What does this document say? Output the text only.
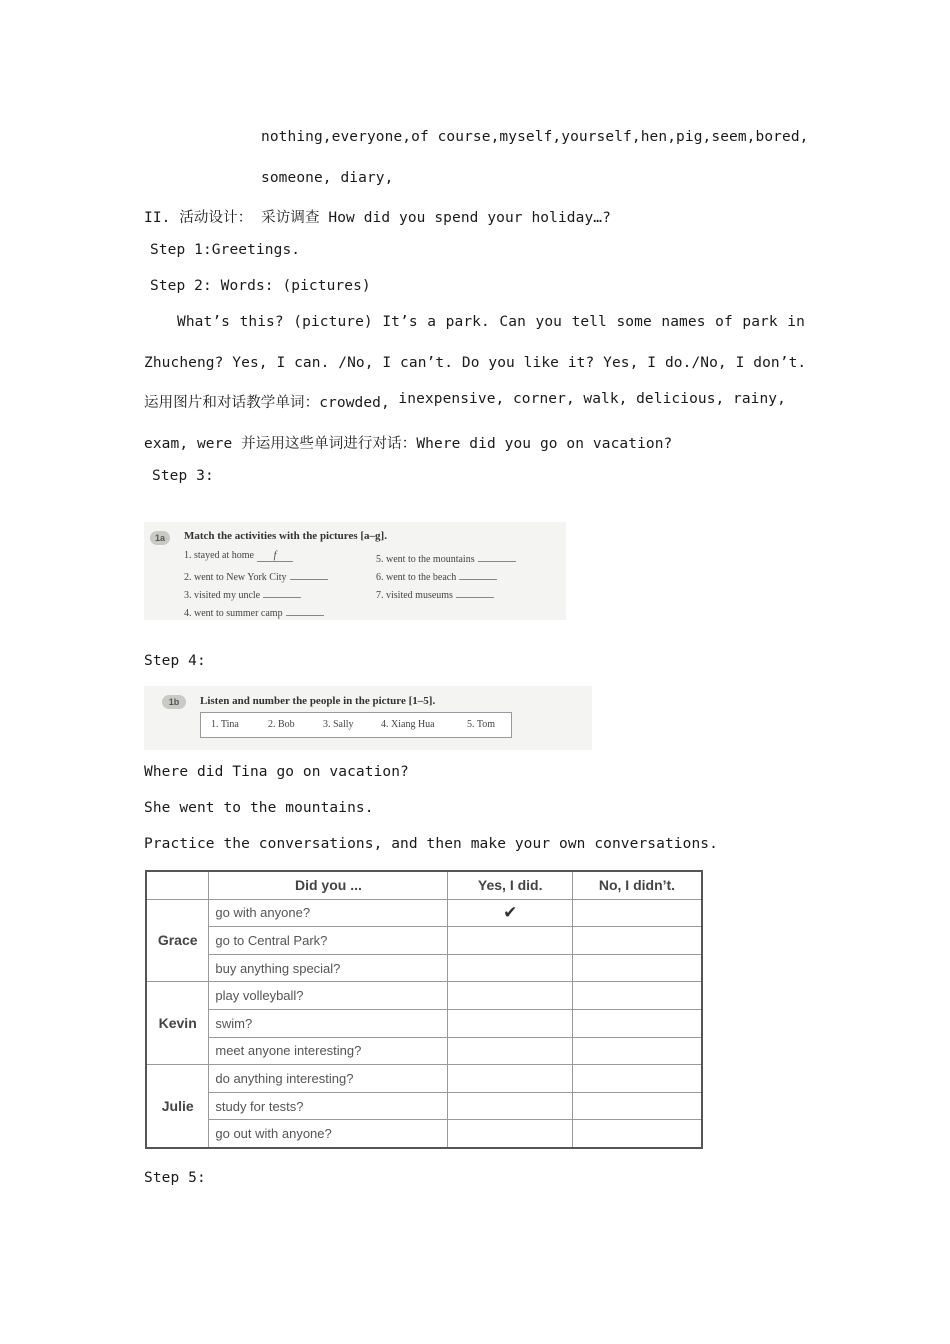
nothing, everyone, of course, myself, yourself, hen, pig, seem, bored,
someone, diary,
II. 活动设计： 采访调查 How did you spend your holiday…?
Step 1:Greetings.
Step 2: Words: (pictures)
What’s this? (picture) It’s a park. Can you tell some names of park in
Zhucheng? Yes, I can. /No, I can’t. Do you like it? Yes, I do./No, I don’t.
运用图片和对话教学单词：crowded, inexpensive, corner, walk, delicious, rainy,
exam, were 并运用这些单词进行对话：Where did you go on vacation?
Step 3:
1a	Match the activities with the pictures [a–g].
1. stayed at home f
2. went to New York City
3. visited my uncle
4. went to summer camp
5. went to the mountains
6. went to the beach
7. visited museums
Step 4:
1b	Listen and number the people in the picture [1–5].
1. Tina	2. Bob	3. Sally	4. Xiang Hua	5. Tom
Where did Tina go on vacation?
She went to the mountains.
Practice the conversations, and then make your own conversations.
	Did you ...	Yes, I did.	No, I didn’t.
Grace	go with anyone?	✔	
	go to Central Park?		
	buy anything special?		
Kevin	play volleyball?		
	swim?		
	meet anyone interesting?		
Julie	do anything interesting?		
	study for tests?		
	go out with anyone?		
Step 5:
